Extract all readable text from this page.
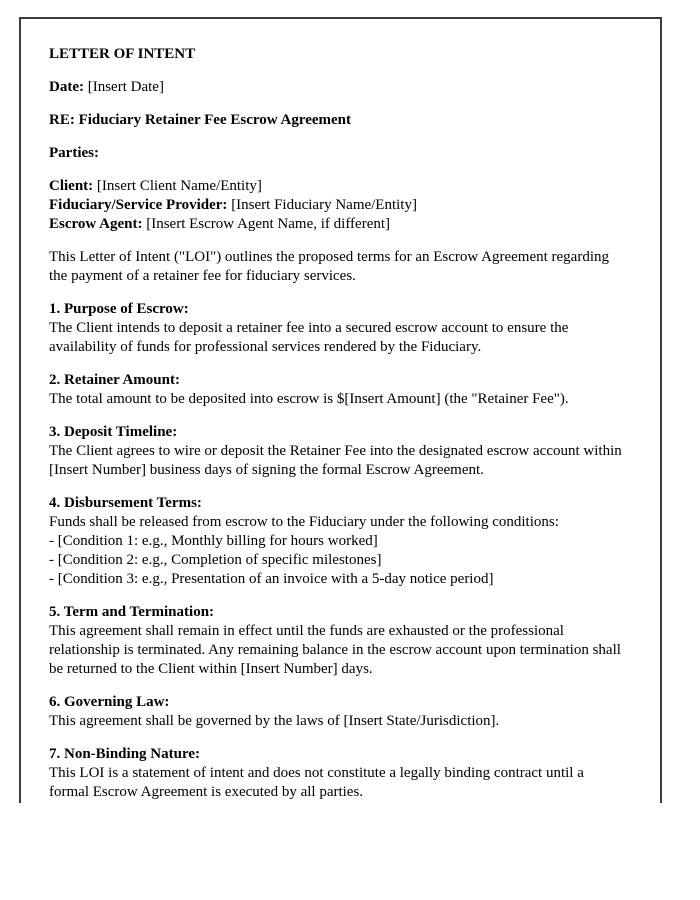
LETTER OF INTENT

Date: [Insert Date]

RE: Fiduciary Retainer Fee Escrow Agreement

Parties:

Client: [Insert Client Name/Entity]
Fiduciary/Service Provider: [Insert Fiduciary Name/Entity]
Escrow Agent: [Insert Escrow Agent Name, if different]

This Letter of Intent ("LOI") outlines the proposed terms for an Escrow Agreement regarding the payment of a retainer fee for fiduciary services.

1. Purpose of Escrow:

The Client intends to deposit a retainer fee into a secured escrow account to ensure the availability of funds for professional services rendered by the Fiduciary.

2. Retainer Amount:

The total amount to be deposited into escrow is $[Insert Amount] (the "Retainer Fee").

3. Deposit Timeline:

The Client agrees to wire or deposit the Retainer Fee into the designated escrow account within [Insert Number] business days of signing the formal Escrow Agreement.

4. Disbursement Terms:

Funds shall be released from escrow to the Fiduciary under the following conditions:

- [Condition 1: e.g., Monthly billing for hours worked]
- [Condition 2: e.g., Completion of specific milestones]
- [Condition 3: e.g., Presentation of an invoice with a 5-day notice period]

5. Term and Termination:

This agreement shall remain in effect until the funds are exhausted or the professional relationship is terminated. Any remaining balance in the escrow account upon termination shall be returned to the Client within [Insert Number] days.

6. Governing Law:

This agreement shall be governed by the laws of [Insert State/Jurisdiction].

7. Non-Binding Nature:

This LOI is a statement of intent and does not constitute a legally binding contract until a formal Escrow Agreement is executed by all parties.
